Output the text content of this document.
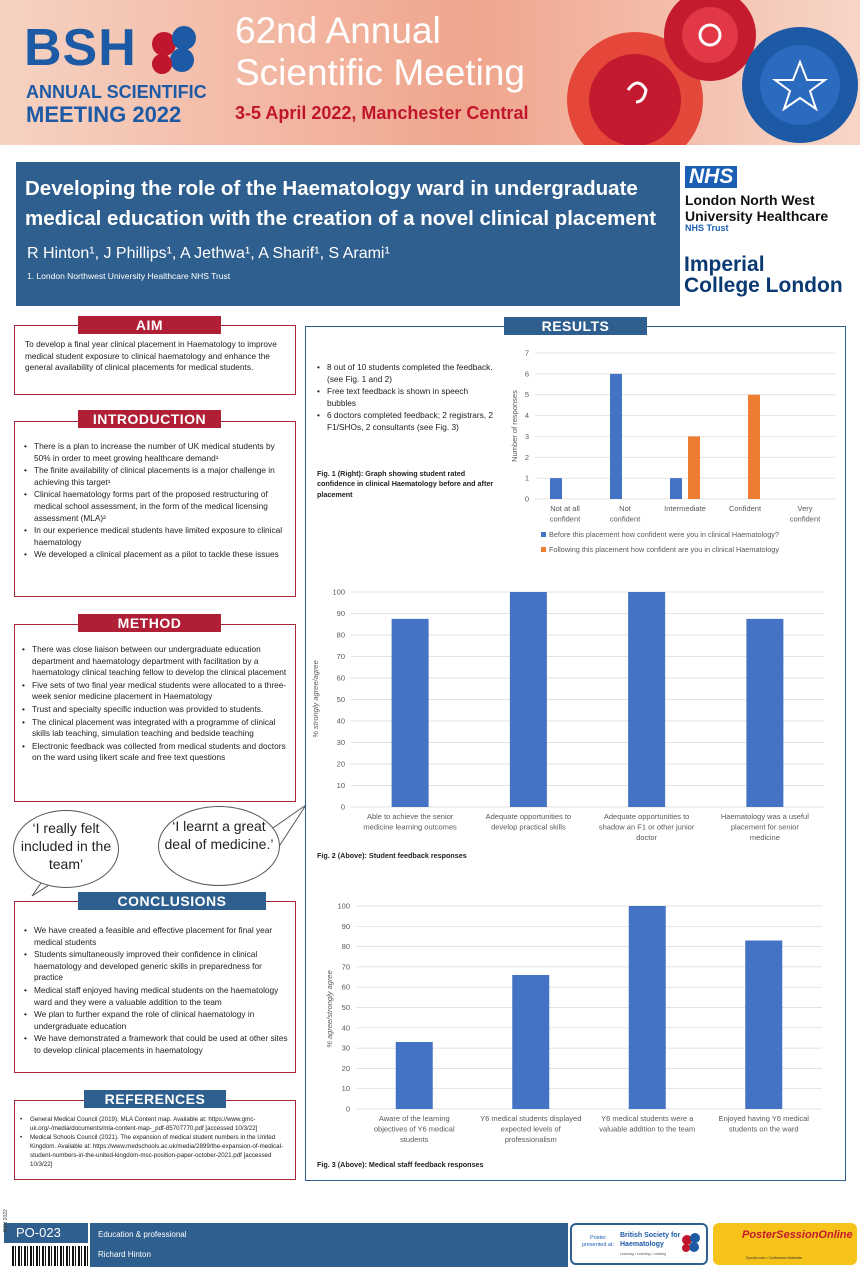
BSH
ANNUAL SCIENTIFIC
MEETING 2022
62nd Annual Scientific Meeting
3-5 April 2022, Manchester Central
Developing the role of the Haematology ward in undergraduate medical education with the creation of a novel clinical placement
R Hinton¹, J Phillips¹, A Jethwa¹, A Sharif¹, S Arami¹
1. London Northwest University Healthcare NHS Trust
NHS
London North West University Healthcare
NHS Trust
Imperial College London
AIM
To develop a final year clinical placement in Haematology to improve medical student exposure to clinical haematology and enhance the general availability of clinical placements for medical students.
INTRODUCTION
• There is a plan to increase the number of UK medical students by 50% in order to meet growing healthcare demand¹
• The finite availability of clinical placements is a major challenge in achieving this target¹
• Clinical haematology forms part of the proposed restructuring of medical school assessment, in the form of the medical licensing assessment (MLA)²
• In our experience medical students have limited exposure to clinical haematology
• We developed a clinical placement as a pilot to tackle these issues
METHOD
• There was close liaison between our undergraduate education department and haematology department with facilitation by a haematology clinical teaching fellow to develop the clinical placement
• Five sets of two final year medical students were allocated to a three-week senior medicine placement in Haematology
• Trust and specialty specific induction was provided to students.
• The clinical placement was integrated with a programme of clinical skills lab teaching, simulation teaching and bedside teaching
• Electronic feedback was collected from medical students and doctors on the ward using likert scale and free text questions
‘I really felt included in the team’
‘I learnt a great deal of medicine.’
CONCLUSIONS
• We have created a feasible and effective placement for final year medical students
• Students simultaneously improved their confidence in clinical haematology and developed generic skills in preparedness for practice
• Medical staff enjoyed having medical students on the haematology ward and they were a valuable addition to the team
• We plan to further expand the role of clinical haematology in undergraduate education
• We have demonstrated a framework that could be used at other sites to develop clinical placements in haematology
REFERENCES
• General Medical Council (2019). MLA Content map. Available at: https://www.gmc-uk.org/-/media/documents/mla-content-map-_pdf-85707770.pdf [accessed 10/3/22]
• Medical Schools Council (2021). The expansion of medical student numbers in the United Kingdom. Available at: https://www.medschools.ac.uk/media/2899/the-expansion-of-medical-student-numbers-in-the-united-kingdom-msc-position-paper-october-2021.pdf [accessed 10/3/22]
RESULTS
• 8 out of 10 students completed the feedback. (see Fig. 1 and 2)
• Free text feedback is shown in speech bubbles
• 6 doctors completed feedback; 2 registrars, 2 F1/SHOs, 2 consultants (see Fig. 3)
Fig. 1 (Right): Graph showing student rated confidence in clinical Haematology before and after placement
0
1
2
3
4
5
6
7
Not at all confident
Not confident
Intermediate	Confident	Very confident
Number of responses
Before this placement how confident were you in clinical Haematology?
Following this placement how confident are you in clinical Haematology
0
10
20
30
40
50
60
70
80
90
100
Able to achieve the senior medicine learning outcomes
Adequate opportunities to develop practical skills
Adequate opportunities to shadow an F1 or other junior doctor
Haematology was a useful placement for senior medicine
% strongly agree/agree
Fig. 2 (Above): Student feedback responses
0
10
20
30
40
50
60
70
80
90
100
Aware of the learning objectives of Y6 medical students
Y6 medical students displayed expected levels of professionalism
Y6 medical students were a valuable addition to the team
Enjoyed having Y6 medical students on the ward
% agree/strongly agree
Fig. 3 (Above): Medical staff feedback responses
PO-023
BSH 2022
Education & professional
Richard Hinton
Poster presented at:
British Society for Haematology
Learning • Learning • Leading
PosterSessionOnline
Eposter.com • Conference Abstracts
